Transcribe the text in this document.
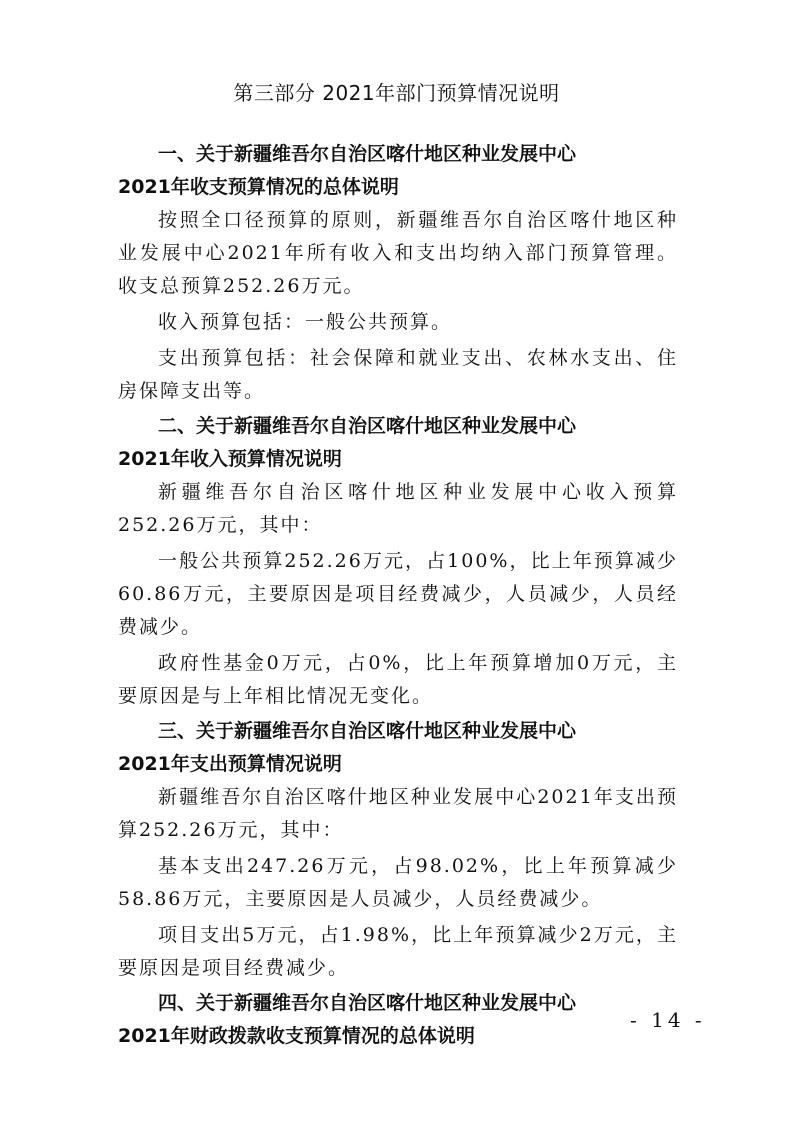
第三部分 2021年部门预算情况说明
一、关于新疆维吾尔自治区喀什地区种业发展中心
2021年收支预算情况的总体说明

按照全口径预算的原则，新疆维吾尔自治区喀什地区种业发展中心2021年所有收入和支出均纳入部门预算管理。收支总预算252.26万元。

收入预算包括：一般公共预算。

支出预算包括：社会保障和就业支出、农林水支出、住房保障支出等。

二、关于新疆维吾尔自治区喀什地区种业发展中心
2021年收入预算情况说明

新疆维吾尔自治区喀什地区种业发展中心收入预算252.26万元，其中：

一般公共预算252.26万元，占100%，比上年预算减少60.86万元，主要原因是项目经费减少，人员减少，人员经费减少。

政府性基金0万元，占0%，比上年预算增加0万元，主要原因是与上年相比情况无变化。

三、关于新疆维吾尔自治区喀什地区种业发展中心
2021年支出预算情况说明

新疆维吾尔自治区喀什地区种业发展中心2021年支出预算252.26万元，其中：

基本支出247.26万元，占98.02%，比上年预算减少58.86万元，主要原因是人员减少，人员经费减少。

项目支出5万元，占1.98%，比上年预算减少2万元，主要原因是项目经费减少。

四、关于新疆维吾尔自治区喀什地区种业发展中心
2021年财政拨款收支预算情况的总体说明
- 14 -
